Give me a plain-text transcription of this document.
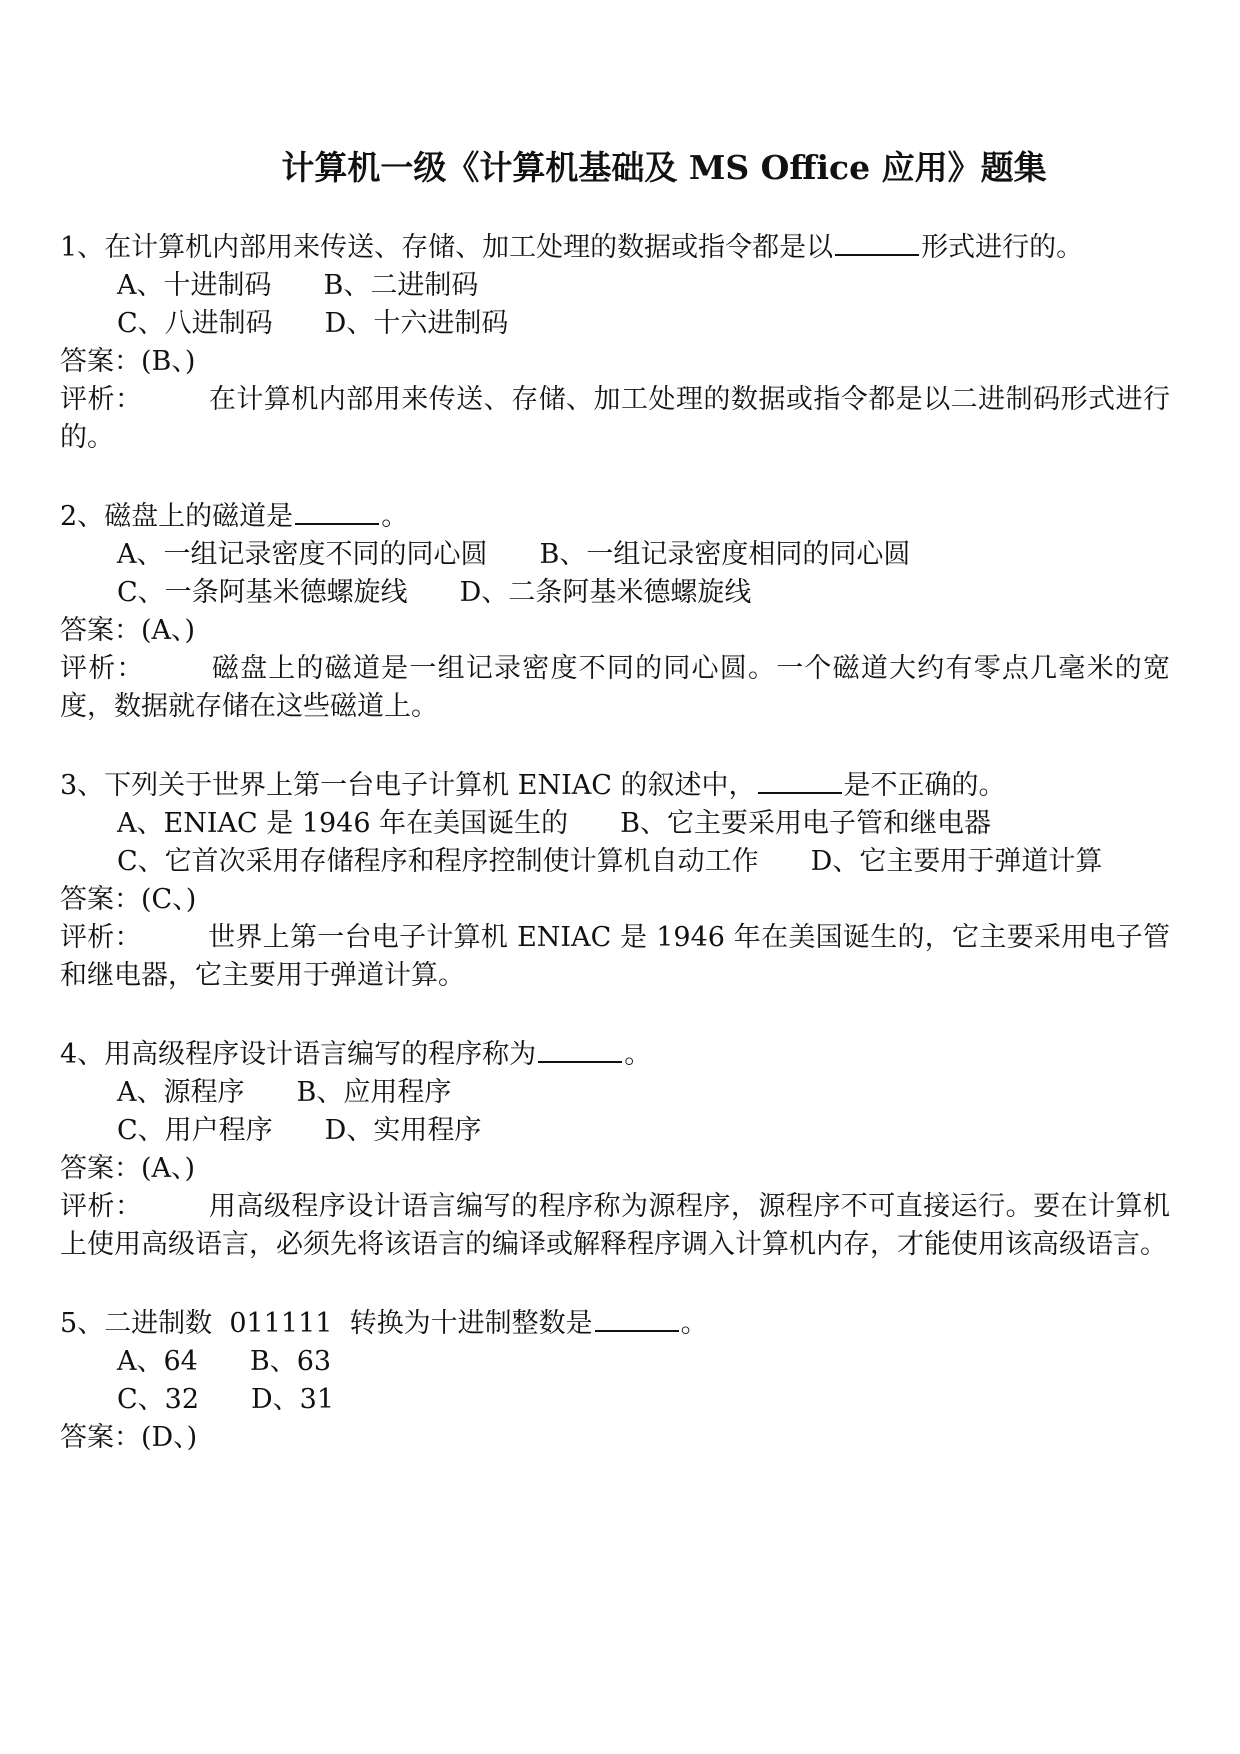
计算机一级《计算机基础及 MS Office 应用》题集
1、在计算机内部用来传送、存储、加工处理的数据或指令都是以	形式进行的。
A、十进制码 B、二进制码
C、八进制码 D、十六进制码
答案：(B、)
评析： 在计算机内部用来传送、存储、加工处理的数据或指令都是以二进制码形式进行的。
2、磁盘上的磁道是	。
A、一组记录密度不同的同心圆 B、一组记录密度相同的同心圆
C、一条阿基米德螺旋线 D、二条阿基米德螺旋线
答案：(A、)
评析： 磁盘上的磁道是一组记录密度不同的同心圆。一个磁道大约有零点几毫米的宽度，数据就存储在这些磁道上。
3、下列关于世界上第一台电子计算机 ENIAC 的叙述中，	是不正确的。
A、ENIAC 是 1946 年在美国诞生的 B、它主要采用电子管和继电器
C、它首次采用存储程序和程序控制使计算机自动工作 D、它主要用于弹道计算
答案：(C、)
评析： 世界上第一台电子计算机 ENIAC 是 1946 年在美国诞生的，它主要采用电子管和继电器，它主要用于弹道计算。
4、用高级程序设计语言编写的程序称为	。
A、源程序 B、应用程序
C、用户程序 D、实用程序
答案：(A、)
评析： 用高级程序设计语言编写的程序称为源程序，源程序不可直接运行。要在计算机上使用高级语言，必须先将该语言的编译或解释程序调入计算机内存，才能使用该高级语言。
5、二进制数  011111  转换为十进制整数是	。
A、64 B、63
C、32 D、31
答案：(D、)
